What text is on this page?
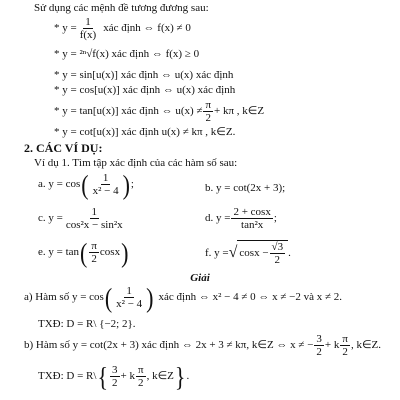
Sử dụng các mệnh đề tương đương sau:
* $y = \frac{1}{f(x)}$ xác định ⇔ f(x) ≠ 0
* y = ²ⁿ√f(x) xác định ⇔ f(x) ≥ 0
* y = sin[u(x)] xác định ⇔ u(x) xác định
* y = cos[u(x)] xác định ⇔ u(x) xác định
* y = tan[u(x)] xác định ⇔ $u(x) \ne \frac{\pi}{2} + k\pi$ , k∈Z
* y = cot[u(x)] xác định u(x) ≠ kπ , k∈Z.
2. CÁC VÍ DỤ:
Ví dụ 1. Tìm tập xác định của các hàm số sau:
a. y = cos ( $\frac{1}{\text{x² − 4}}$ ) ;	b. y = cot(2x + 3);
c. $y = \frac{1}{\text{cos²x − sin²x}}$	d. $y = \frac{2 + \cos x}{\text{tan²x}}$ ;
e. y = tan ( $\frac{\pi}{2}$ cosx )	f. y = √ $\cos x - \frac{√3}{2}$ .
Giải
a) Hàm số y = cos ( $\frac{1}{\text{x² − 4}}$ ) xác định ⇔ x² − 4 ≠ 0 ⇔ x ≠ −2 và x ≠ 2.
TXĐ: D = R\ {−2; 2}.
b) Hàm số y = cot(2x + 3) xác định ⇔ 2x + 3 ≠ kπ, k∈Z ⇔ x ≠ − $\frac{3}{2} + k \frac{\pi}{2}$ , k∈Z.
TXĐ: D = R\ { $\frac{3}{2} + k \frac{\pi}{2}$ , k∈Z } .
